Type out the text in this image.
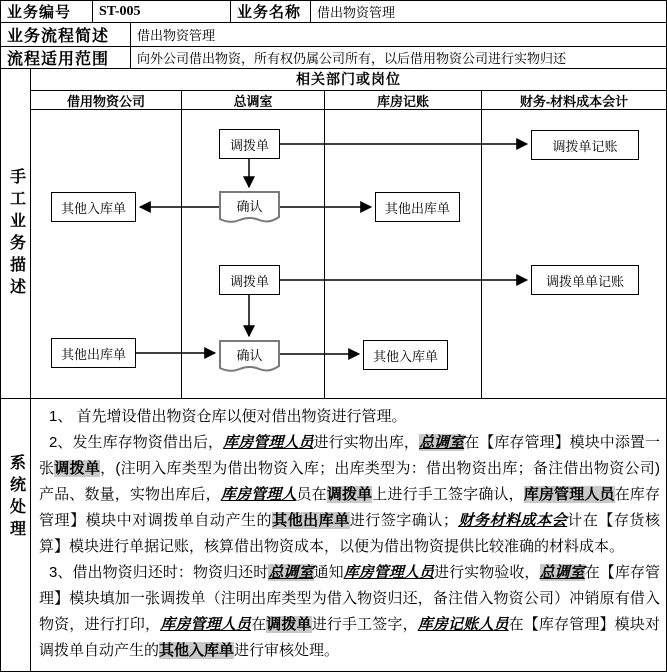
业务编号	ST-005	业务名称	借出物资管理
业务流程简述	借出物资管理
流程适用范围	向外公司借出物资，所有权仍属公司所有，以后借用物资公司进行实物归还
手工业务描述
相关部门或岗位
借用物资公司	总调室	库房记账	财务-材料成本会计
调拨单	调拨单记账
确认
其他入库单	其他出库单
调拨单	调拨单单记账
确认
其他出库单	其他入库单
系统处理

1、 首先增设借出物资仓库以便对借出物资进行管理。

2、发生库存物资借出后，库房管理人员进行实物出库，总调室在【库存管理】模块中添置一张调拨单，(注明入库类型为借出物资入库；出库类型为：借出物资出库；备注借出物资公司) 产品、数量，实物出库后，库房管理人员在调拨单上进行手工签字确认，库房管理人员在库存管理】模块中对调拨单自动产生的其他出库单进行签字确认；财务材料成本会计在【存货核算】模块进行单据记账，核算借出物资成本，以便为借出物资提供比较准确的材料成本。

3、借出物资归还时：物资归还时总调室通知库房管理人员进行实物验收，总调室在【库存管理】模块填加一张调拨单（注明出库类型为借入物资归还，备注借入物资公司）冲销原有借入物资，进行打印，库房管理人员在调拨单进行手工签字，库房记账人员在【库存管理】模块对调拨单自动产生的其他入库单进行审核处理。
